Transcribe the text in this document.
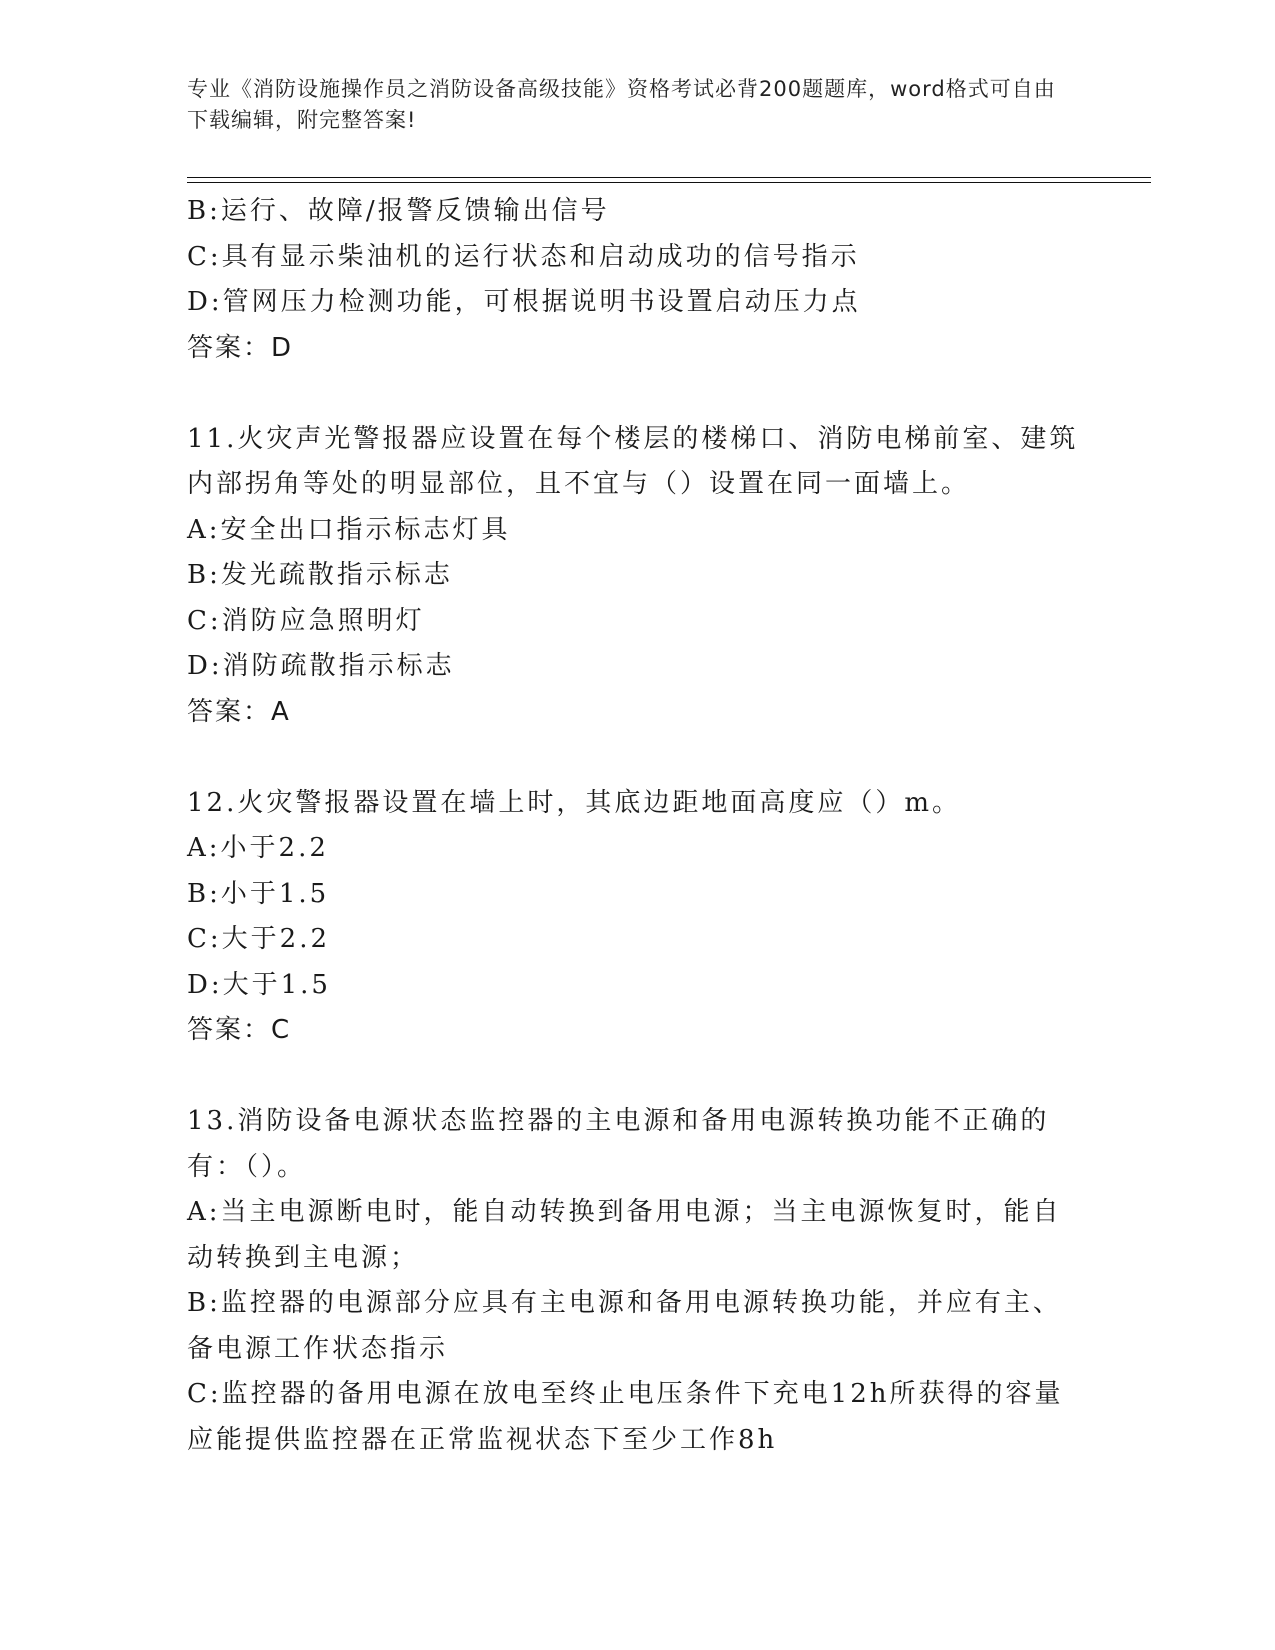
专业《消防设施操作员之消防设备高级技能》资格考试必背200题题库，word格式可自由下载编辑，附完整答案!
B:运行、故障/报警反馈输出信号
C:具有显示柴油机的运行状态和启动成功的信号指示
D:管网压力检测功能，可根据说明书设置启动压力点
答案：D
11.火灾声光警报器应设置在每个楼层的楼梯口、消防电梯前室、建筑内部拐角等处的明显部位，且不宜与（）设置在同一面墙上。
A:安全出口指示标志灯具
B:发光疏散指示标志
C:消防应急照明灯
D:消防疏散指示标志
答案：A
12.火灾警报器设置在墙上时，其底边距地面高度应（）m。
A:小于2.2
B:小于1.5
C:大于2.2
D:大于1.5
答案：C
13.消防设备电源状态监控器的主电源和备用电源转换功能不正确的有：（）。
A:当主电源断电时，能自动转换到备用电源；当主电源恢复时，能自动转换到主电源；
B:监控器的电源部分应具有主电源和备用电源转换功能，并应有主、备电源工作状态指示
C:监控器的备用电源在放电至终止电压条件下充电12h所获得的容量应能提供监控器在正常监视状态下至少工作8h
